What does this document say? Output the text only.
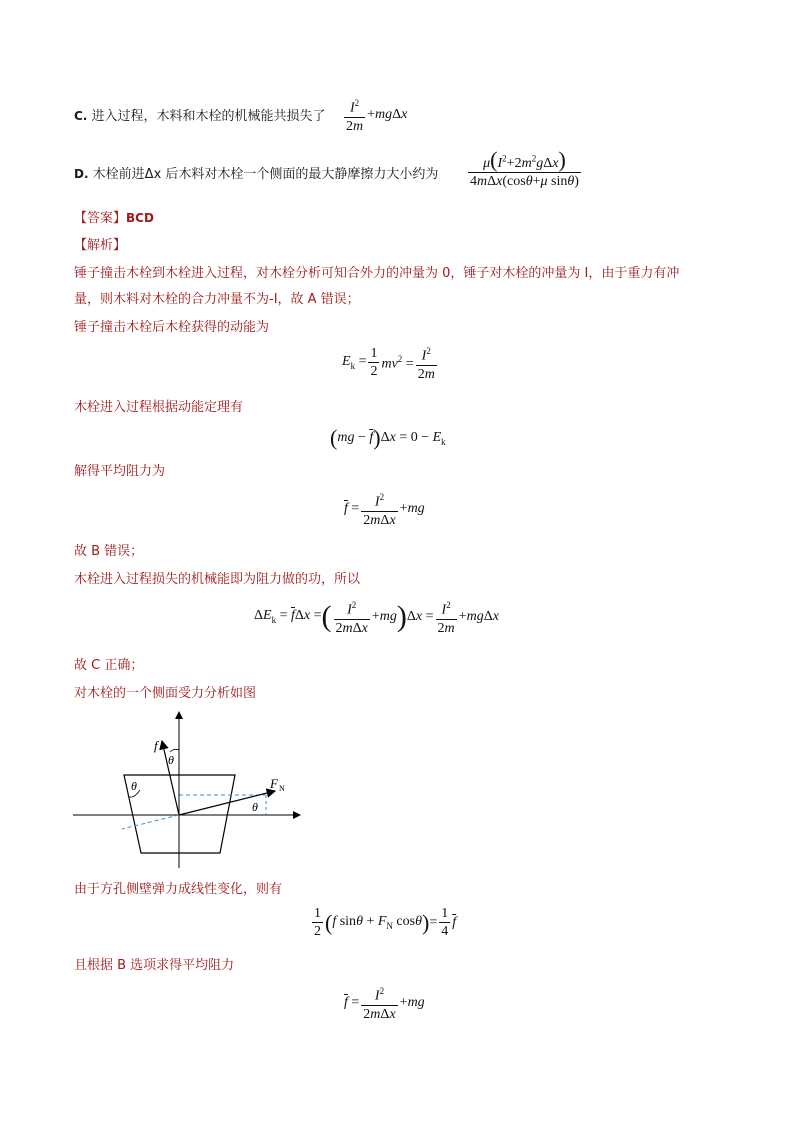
C. 进入过程，木料和木栓的机械能共损失了 $\frac{I^2}{2m} +mg\Delta x$
D. 木栓前进Δx 后木料对木栓一个侧面的最大静摩擦力大小约为 $\frac{\mu(I^2+2m^2g\Delta x)}{\text{4mΔx(cosθ+μ sinθ)}}$
【答案】BCD
【解析】
锤子撞击木栓到木栓进入过程，对木栓分析可知合外力的冲量为 0，锤子对木栓的冲量为 I，由于重力有冲
量，则木料对木栓的合力冲量不为-I，故 A 错误；
锤子撞击木栓后木栓获得的动能为
$E_k = \frac{1}{2} mv^2 = \frac{I^2}{2m}$
木栓进入过程根据动能定理有
( mg − $\overline{f}$ ) $\Delta x = 0 - E_k$
解得平均阻力为
$\overline{f} = \frac{I^2}{\text{2mΔx}} +mg$
故 B 错误；
木栓进入过程损失的机械能即为阻力做的功，所以
$\Delta E_k = \overline{f}\Delta x$ = ( $\frac{I^2}{\text{2mΔx}} +mg$ ) $\Delta x = \frac{I^2}{2m} +mg\Delta x$
故 C 正确；
对木栓的一个侧面受力分析如图
f
θ
θ
θ
F N
由于方孔侧壁弹力成线性变化，则有
$\frac{1}{2}$ ( f $\sin\theta + F_N$ cosθ ) = $\frac{1}{4} \overline{f}$
且根据 B 选项求得平均阻力
$\overline{f} = \frac{I^2}{\text{2mΔx}} +mg$
